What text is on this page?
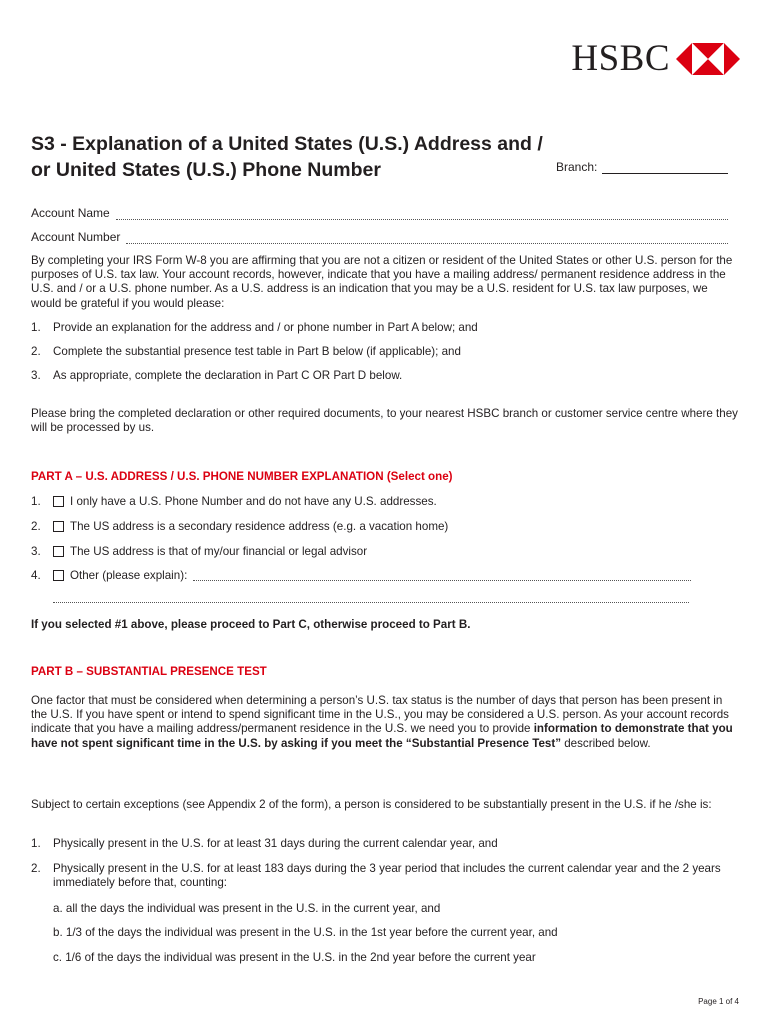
HSBC
S3 - Explanation of a United States (U.S.) Address and / or United States (U.S.) Phone Number	Branch:
Account Name
Account Number

By completing your IRS Form W-8 you are affirming that you are not a citizen or resident of the United States or other U.S. person for the purposes of U.S. tax law. Your account records, however, indicate that you have a mailing address/ permanent residence address in the U.S. and / or a U.S. phone number. As a U.S. address is an indication that you may be a U.S. resident for U.S. tax law purposes, we would be grateful if you would please:

1.	Provide an explanation for the address and / or phone number in Part A below; and
2.	Complete the substantial presence test table in Part B below (if applicable); and
3.	As appropriate, complete the declaration in Part C OR Part D below.

Please bring the completed declaration or other required documents, to your nearest HSBC branch or customer service centre where they will be processed by us.

PART A – U.S. ADDRESS / U.S. PHONE NUMBER EXPLANATION (Select one)
1.	I only have a U.S. Phone Number and do not have any U.S. addresses.
2.	The US address is a secondary residence address (e.g. a vacation home)
3.	The US address is that of my/our financial or legal advisor
4.	Other (please explain):
If you selected #1 above, please proceed to Part C, otherwise proceed to Part B.
PART B – SUBSTANTIAL PRESENCE TEST

One factor that must be considered when determining a person’s U.S. tax status is the number of days that person has been present in the U.S. If you have spent or intend to spend significant time in the U.S., you may be considered a U.S. person. As your account records indicate that you have a mailing address/permanent residence in the U.S. we need you to provide information to demonstrate that you have not spent significant time in the U.S. by asking if you meet the “Substantial Presence Test” described below.

Subject to certain exceptions (see Appendix 2 of the form), a person is considered to be substantially present in the U.S. if he /she is:

1.	Physically present in the U.S. for at least 31 days during the current calendar year, and
2.	Physically present in the U.S. for at least 183 days during the 3 year period that includes the current calendar year and the 2 years immediately before that, counting:
a. all the days the individual was present in the U.S. in the current year, and
b. 1/3 of the days the individual was present in the U.S. in the 1st year before the current year, and
c. 1/6 of the days the individual was present in the U.S. in the 2nd year before the current year
Page 1 of 4
